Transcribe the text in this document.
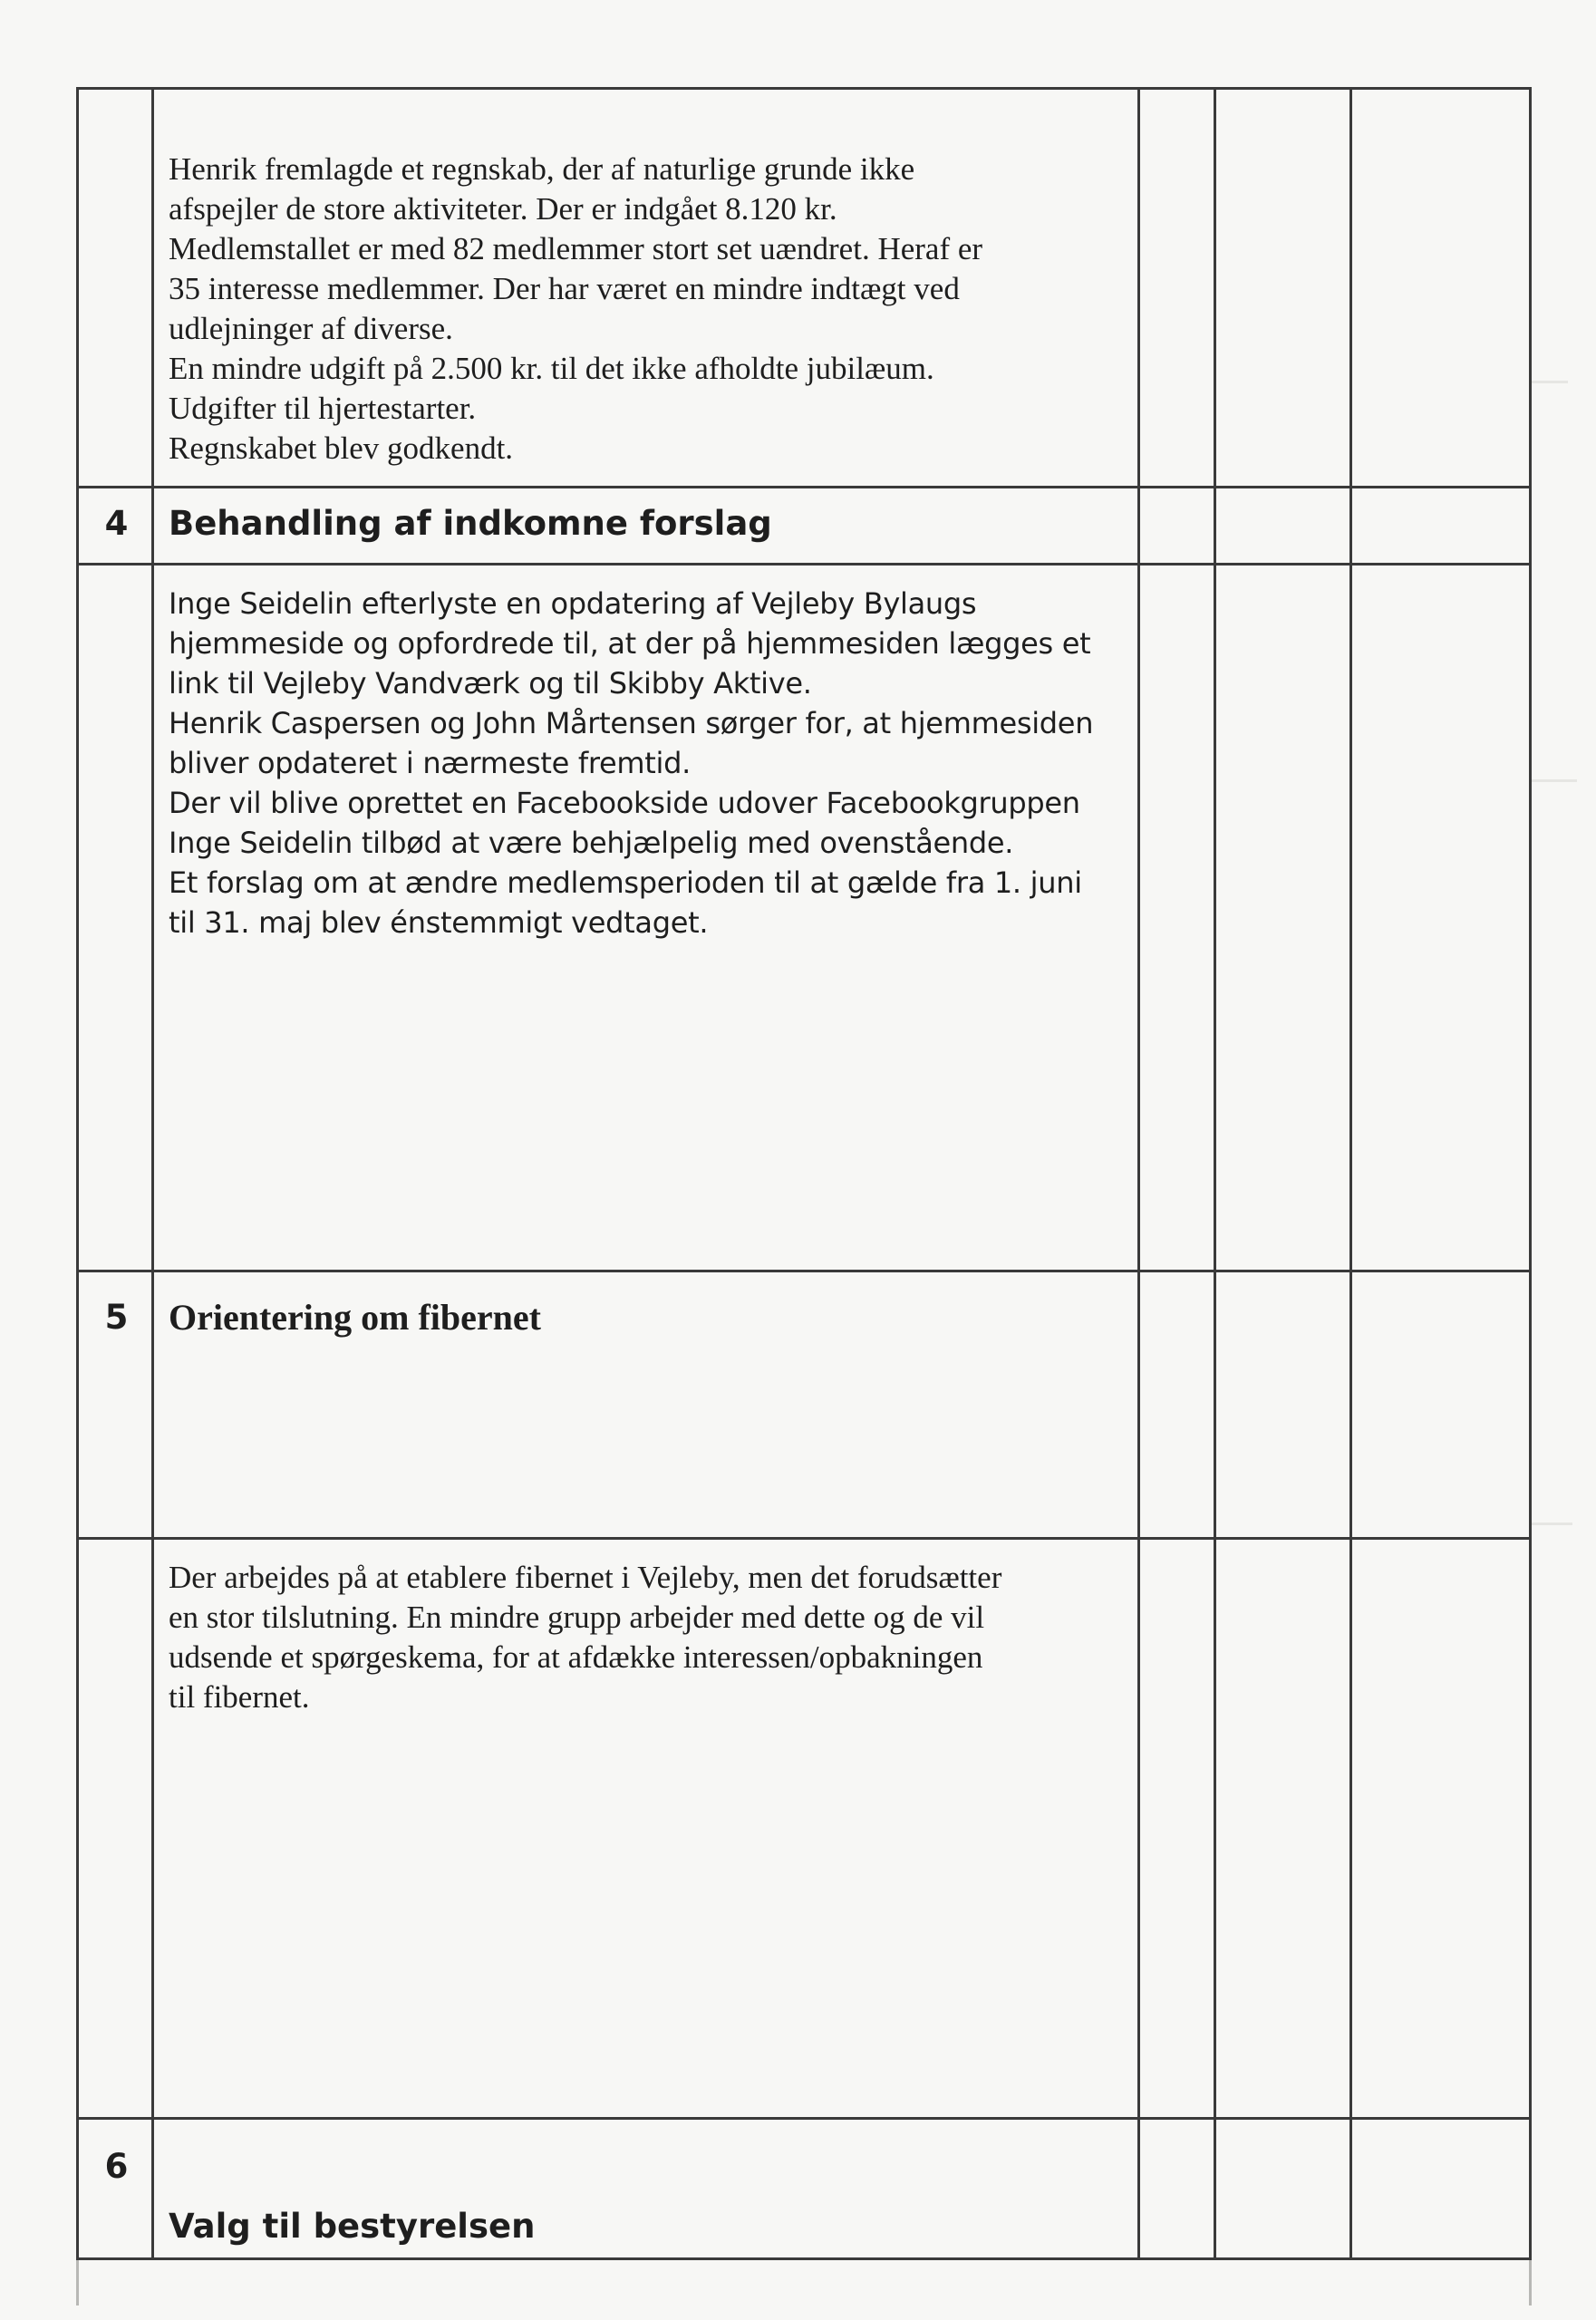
Henrik fremlagde et regnskab, der af naturlige grunde ikke
afspejler de store aktiviteter. Der er indgået 8.120 kr.
Medlemstallet er med 82 medlemmer stort set uændret. Heraf er
35 interesse medlemmer. Der har været en mindre indtægt ved
udlejninger af diverse.
En mindre udgift på 2.500 kr. til det ikke afholdte jubilæum.
Udgifter til hjertestarter.
Regnskabet blev godkendt.
4	Behandling af indkomne forslag
Inge Seidelin efterlyste en opdatering af Vejleby Bylaugs
hjemmeside og opfordrede til, at der på hjemmesiden lægges et
link til Vejleby Vandværk og til Skibby Aktive.
Henrik Caspersen og John Mårtensen sørger for, at hjemmesiden
bliver opdateret i nærmeste fremtid.
Der vil blive oprettet en Facebookside udover Facebookgruppen
Inge Seidelin tilbød at være behjælpelig med ovenstående.
Et forslag om at ændre medlemsperioden til at gælde fra 1. juni
til 31. maj blev énstemmigt vedtaget.
5	Orientering om fibernet
Der arbejdes på at etablere fibernet i Vejleby, men det forudsætter
en stor tilslutning. En mindre grupp arbejder med dette og de vil
udsende et spørgeskema, for at afdække interessen/opbakningen
til fibernet.
6
Valg til bestyrelsen
